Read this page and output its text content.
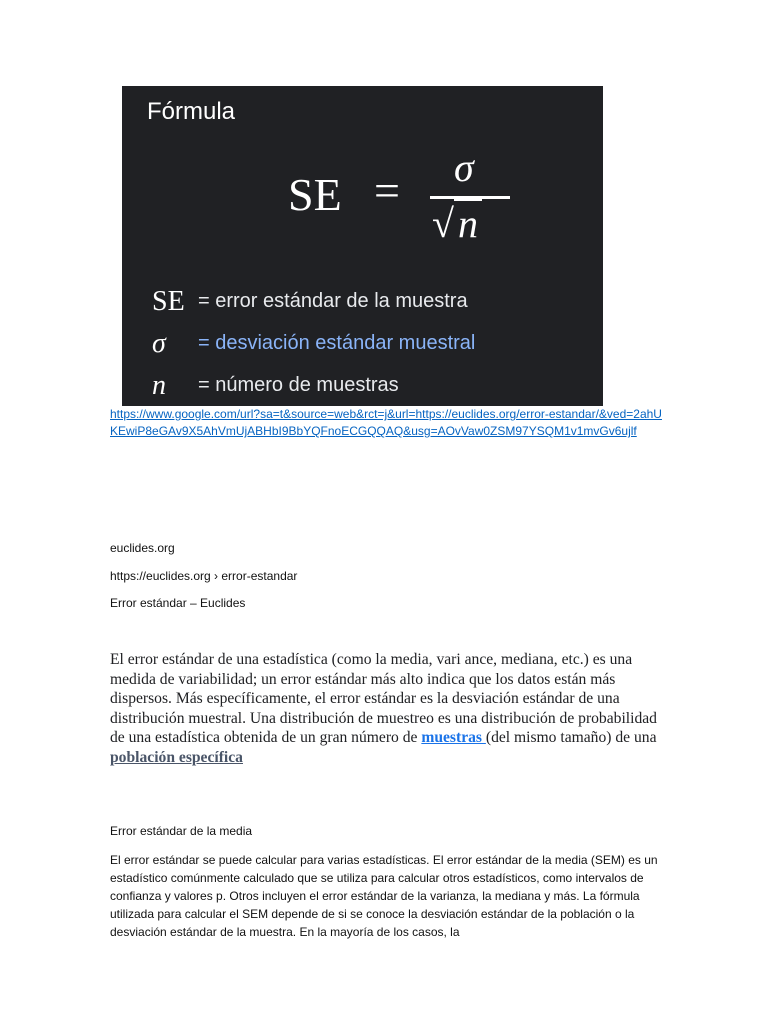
Fórmula
SE = σ
√ n
SE = error estándar de la muestra
σ = desviación estándar muestral
n = número de muestras
https://www.google.com/url?sa=t&source=web&rct=j&url=https://euclides.org/error-estandar/&ved=2ahUKEwiP8eGAv9X5AhVmUjABHbI9BbYQFnoECGQQAQ&usg=AOvVaw0ZSM97YSQM1v1mvGv6ujlf
euclides.org
https://euclides.org › error-estandar
Error estándar – Euclides
El error estándar de una estadística (como la media, vari ance, mediana, etc.) es una medida de variabilidad; un error estándar más alto indica que los datos están más dispersos. Más específicamente, el error estándar es la desviación estándar de una distribución muestral. Una distribución de muestreo es una distribución de probabilidad de una estadística obtenida de un gran número de muestras (del mismo tamaño) de una población específica
Error estándar de la media
El error estándar se puede calcular para varias estadísticas. El error estándar de la media (SEM) es un estadístico comúnmente calculado que se utiliza para calcular otros estadísticos, como intervalos de confianza y valores p. Otros incluyen el error estándar de la varianza, la mediana y más. La fórmula utilizada para calcular el SEM depende de si se conoce la desviación estándar de la población o la desviación estándar de la muestra. En la mayoría de los casos, la
